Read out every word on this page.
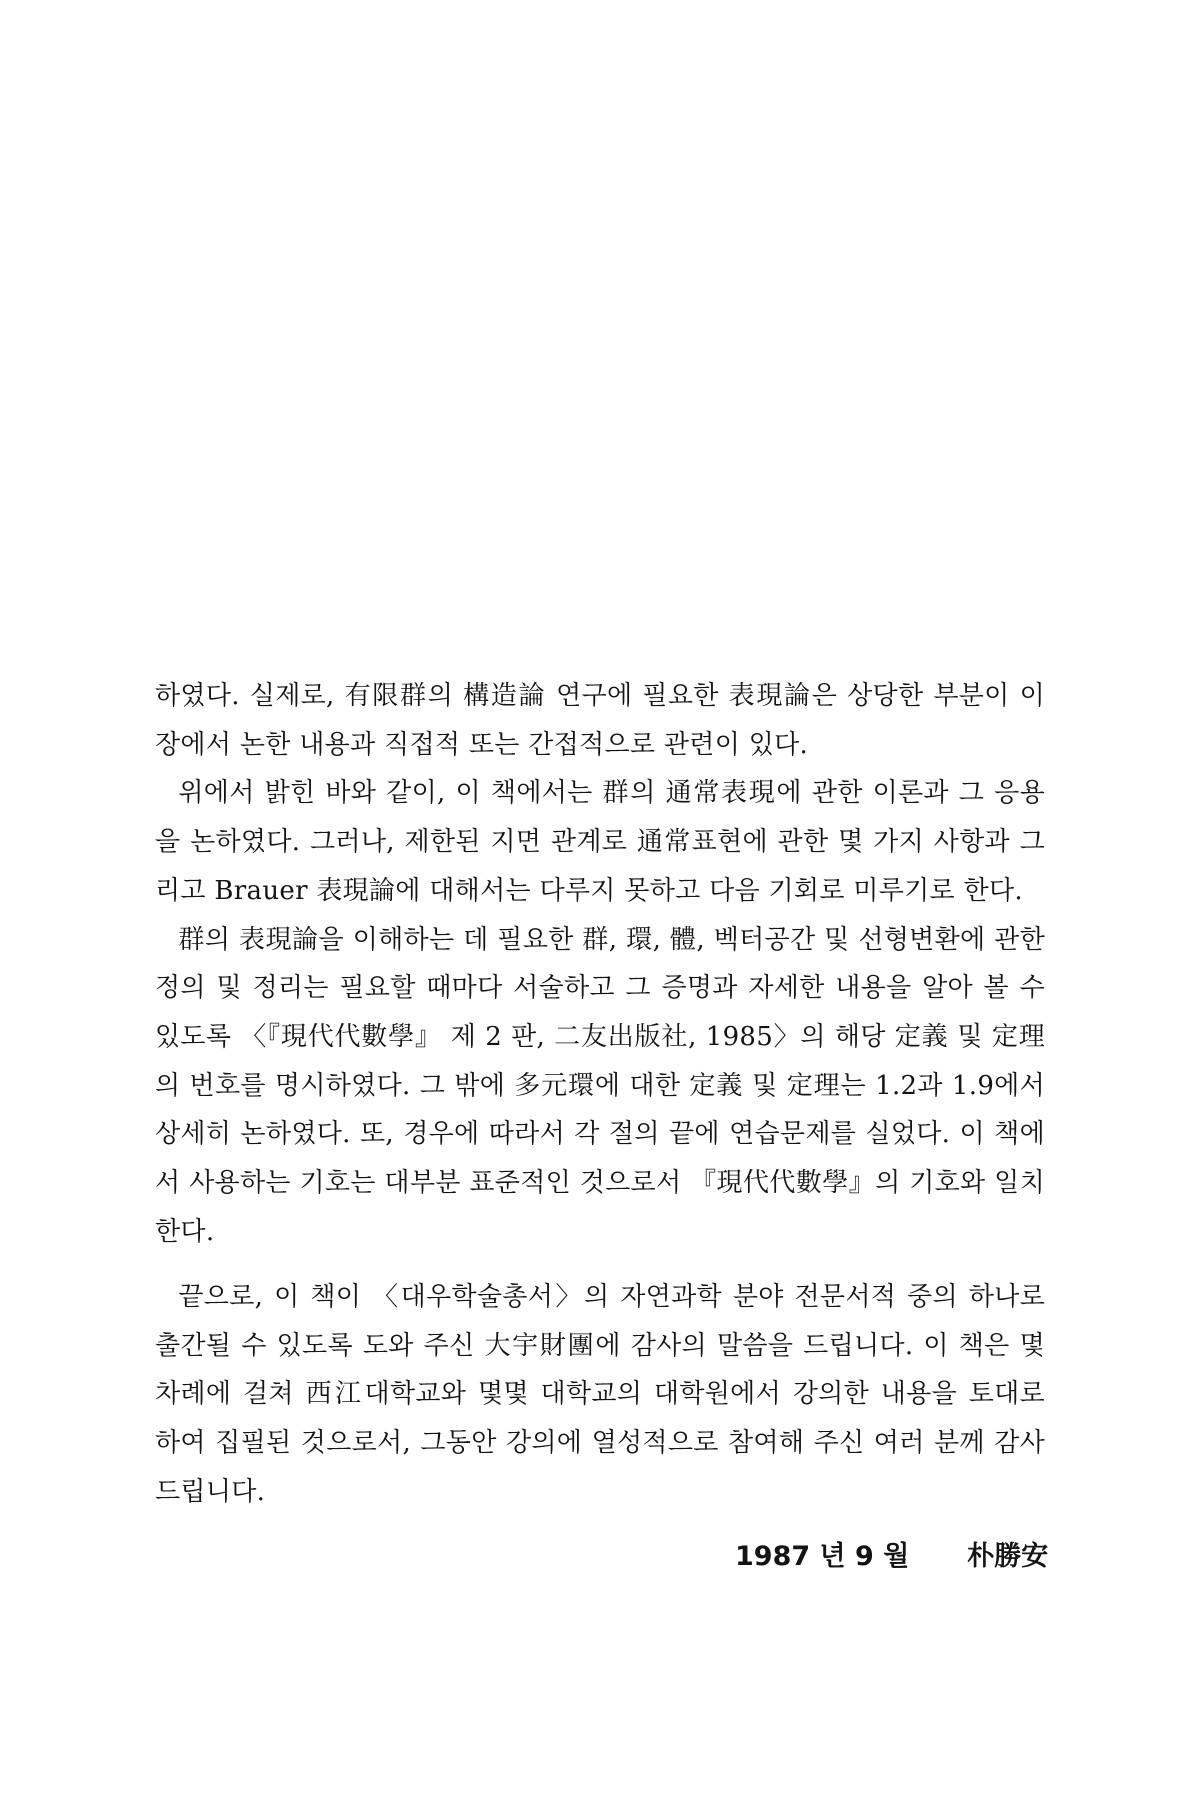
하였다. 실제로, 有限群의 構造論 연구에 필요한 表現論은 상당한 부분이 이 장에서 논한 내용과 직접적 또는 간접적으로 관련이 있다.

위에서 밝힌 바와 같이, 이 책에서는 群의 通常表現에 관한 이론과 그 응용을 논하였다. 그러나, 제한된 지면 관계로 通常표현에 관한 몇 가지 사항과 그리고 Brauer 表現論에 대해서는 다루지 못하고 다음 기회로 미루기로 한다.

群의 表現論을 이해하는 데 필요한 群, 環, 體, 벡터공간 및 선형변환에 관한 정의 및 정리는 필요할 때마다 서술하고 그 증명과 자세한 내용을 알아 볼 수 있도록 〈『現代代數學』 제 2 판, 二友出版社, 1985〉의 해당 定義 및 定理의 번호를 명시하였다. 그 밖에 多元環에 대한 定義 및 定理는 1.2과 1.9에서 상세히 논하였다. 또, 경우에 따라서 각 절의 끝에 연습문제를 실었다. 이 책에서 사용하는 기호는 대부분 표준적인 것으로서 『現代代數學』의 기호와 일치한다.

끝으로, 이 책이 〈대우학술총서〉의 자연과학 분야 전문서적 중의 하나로 출간될 수 있도록 도와 주신 大宇財團에 감사의 말씀을 드립니다. 이 책은 몇 차례에 걸쳐 西江대학교와 몇몇 대학교의 대학원에서 강의한 내용을 토대로 하여 집필된 것으로서, 그동안 강의에 열성적으로 참여해 주신 여러 분께 감사드립니다.

1987 년 9 월 朴勝安
